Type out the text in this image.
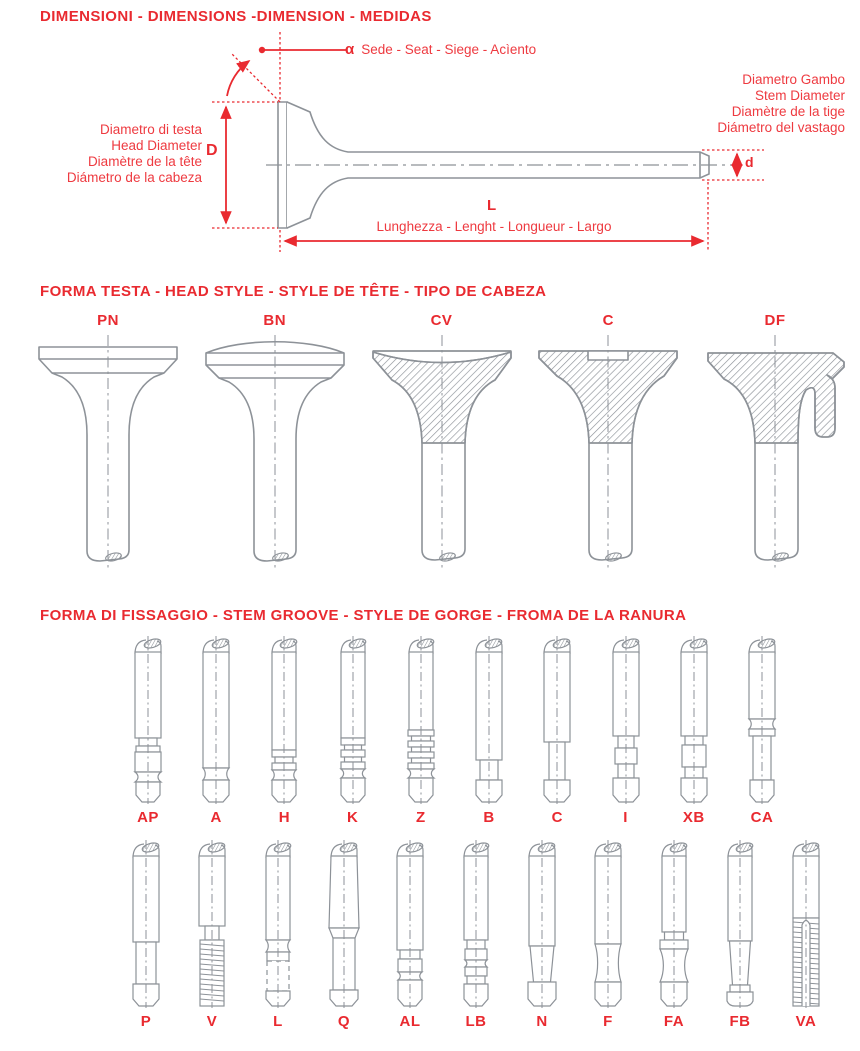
DIMENSIONI - DIMENSIONS -DIMENSION - MEDIDAS
α Sede - Seat - Siege - Acìento
Diametro Gambo
Stem Diameter
Diamètre de la tige
Diámetro del vastago
Diametro di testa
Head Diameter
Diamètre de la tête
Diámetro de la cabeza
D
d
L
Lunghezza - Lenght - Longueur - Largo
FORMA TESTA - HEAD STYLE - STYLE DE TÊTE - TIPO DE CABEZA
PN	BN	CV	C	DF
FORMA DI FISSAGGIO - STEM GROOVE - STYLE DE GORGE - FROMA DE LA RANURA
AP	A	H	K	Z	B	C	I	XB	CA
P	V	L	Q	AL	LB	N	F	FA	FB	VA
